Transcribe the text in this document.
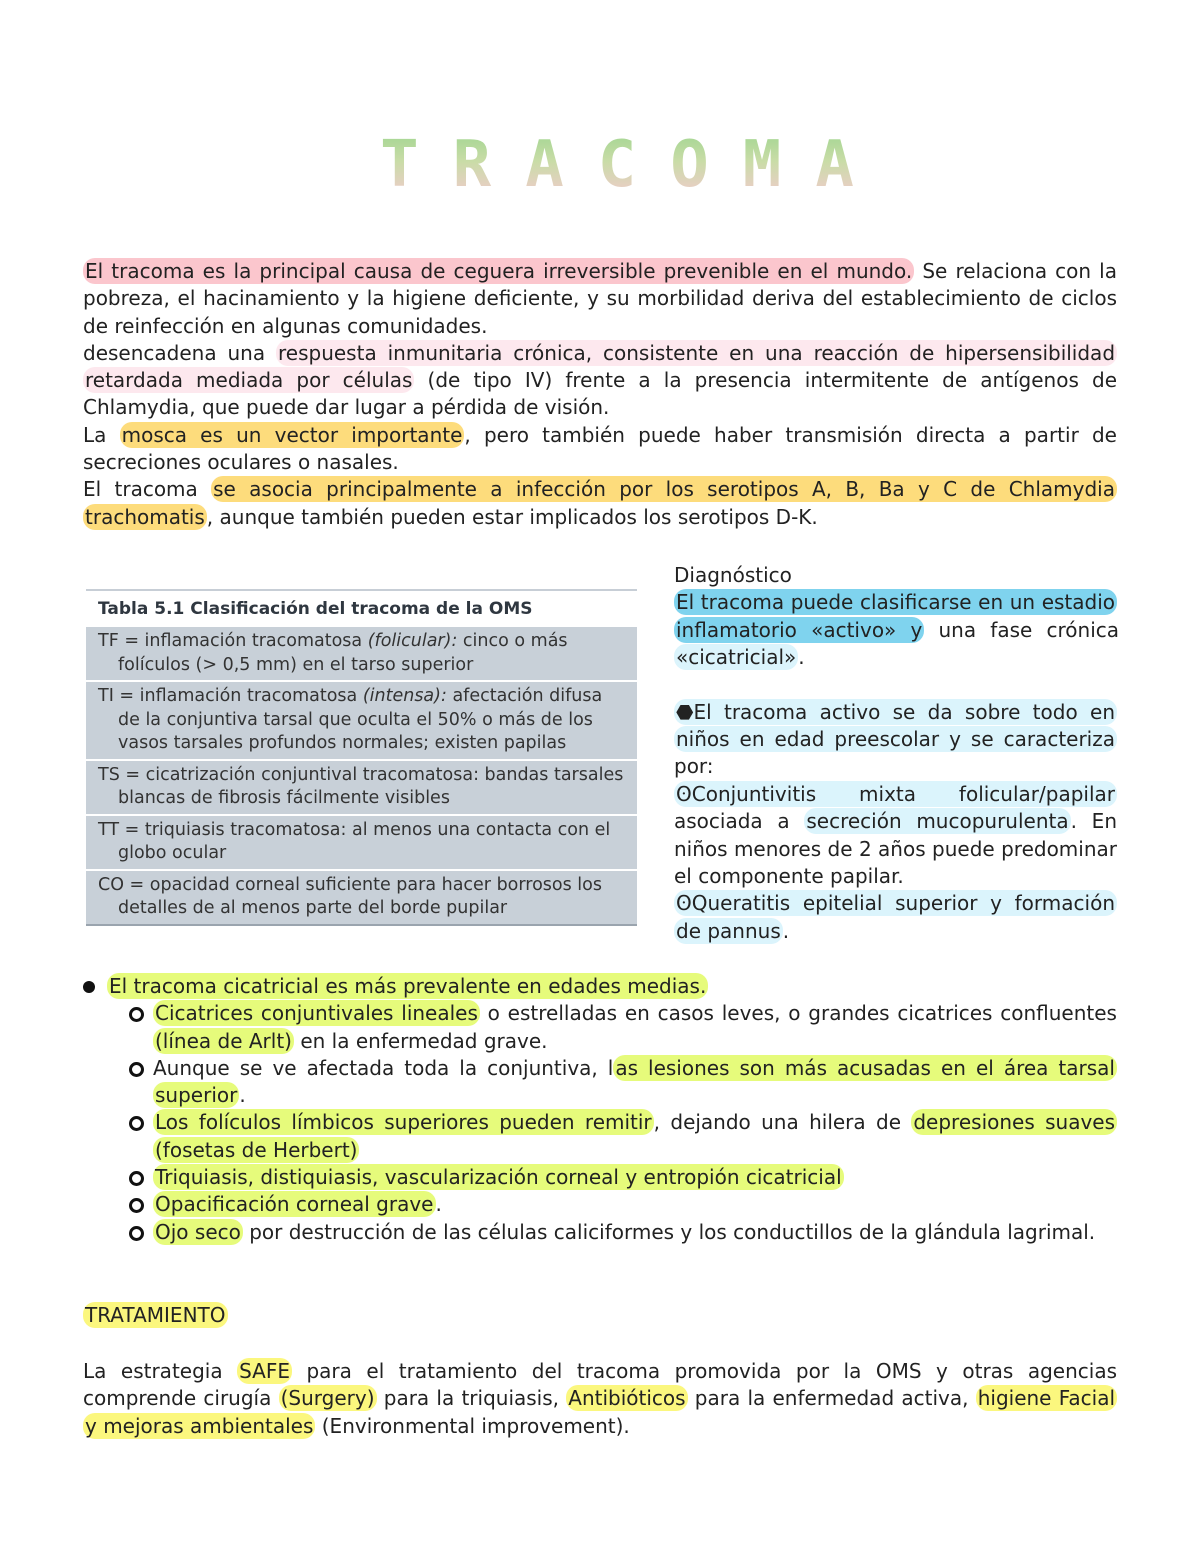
TRACOMA

El tracoma es la principal causa de ceguera irreversible prevenible en el mundo. Se relaciona con la pobreza, el hacinamiento y la higiene deficiente, y su morbilidad deriva del establecimiento de ciclos de reinfección en algunas comunidades.

desencadena una respuesta inmunitaria crónica, consistente en una reacción de hipersensibilidad retardada mediada por células (de tipo IV) frente a la presencia intermitente de antígenos de Chlamydia, que puede dar lugar a pérdida de visión.

La mosca es un vector importante , pero también puede haber transmisión directa a partir de secreciones oculares o nasales.

El tracoma se asocia principalmente a infección por los serotipos A, B, Ba y C de Chlamydia trachomatis , aunque también pueden estar implicados los serotipos D-K.

Tabla 5.1 Clasificación del tracoma de la OMS
TF = inflamación tracomatosa (folicular): cinco o más folículos (> 0,5 mm) en el tarso superior
TI = inflamación tracomatosa (intensa): afectación difusa de la conjuntiva tarsal que oculta el 50% o más de los vasos tarsales profundos normales; existen papilas
TS = cicatrización conjuntival tracomatosa: bandas tarsales blancas de fibrosis fácilmente visibles
TT = triquiasis tracomatosa: al menos una contacta con el globo ocular
CO = opacidad corneal suficiente para hacer borrosos los detalles de al menos parte del borde pupilar

Diagnóstico

El tracoma puede clasificarse en un estadio inflamatorio «activo» y una fase crónica «cicatricial» .

⬣El tracoma activo se da sobre todo en niños en edad preescolar y se caracteriza por:

ʘConjuntivitis mixta folicular/papilar asociada a secreción mucopurulenta . En niños menores de 2 años puede predominar el componente papilar.

ʘQueratitis epitelial superior y formación de pannus .

El tracoma cicatricial es más prevalente en edades medias.
Cicatrices conjuntivales lineales o estrelladas en casos leves, o grandes cicatrices confluentes (línea de Arlt) en la enfermedad grave.
Aunque se ve afectada toda la conjuntiva, l as lesiones son más acusadas en el área tarsal superior .
Los folículos límbicos superiores pueden remitir , dejando una hilera de depresiones suaves (fosetas de Herbert)
Triquiasis, distiquiasis, vascularización corneal y entropión cicatricial
Opacificación corneal grave .
Ojo seco por destrucción de las células caliciformes y los conductillos de la glándula lagrimal.
TRATAMIENTO
La estrategia SAFE para el tratamiento del tracoma promovida por la OMS y otras agencias comprende cirugía (Surgery) para la triquiasis, Antibióticos para la enfermedad activa, higiene Facial y mejoras ambientales (Environmental improvement).
